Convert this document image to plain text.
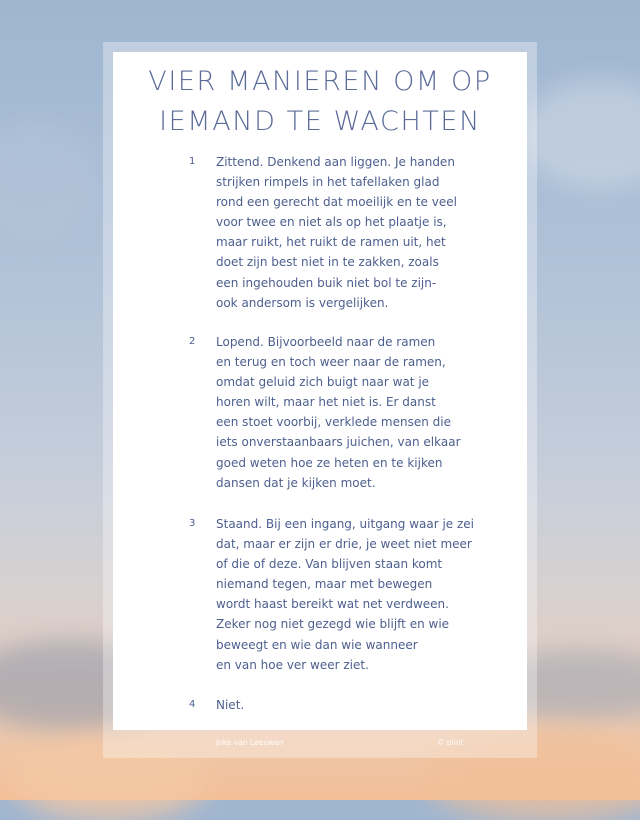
VIER MANIEREN OM OP
IEMAND TE WACHTEN
1	Zittend. Denkend aan liggen. Je handen
strijken rimpels in het tafellaken glad
rond een gerecht dat moeilijk en te veel
voor twee en niet als op het plaatje is,
maar ruikt, het ruikt de ramen uit, het
doet zijn best niet in te zakken, zoals
een ingehouden buik niet bol te zijn-
ook andersom is vergelijken.
2	Lopend. Bijvoorbeeld naar de ramen
en terug en toch weer naar de ramen,
omdat geluid zich buigt naar wat je
horen wilt, maar het niet is. Er danst
een stoet voorbij, verklede mensen die
iets onverstaanbaars juichen, van elkaar
goed weten hoe ze heten en te kijken
dansen dat je kijken moet.
3	Staand. Bij een ingang, uitgang waar je zei
dat, maar er zijn er drie, je weet niet meer
of die of deze. Van blijven staan komt
niemand tegen, maar met bewegen
wordt haast bereikt wat net verdween.
Zeker nog niet gezegd wie blijft en wie
beweegt en wie dan wie wanneer
en van hoe ver weer ziet.
4	Niet.
Joke van Leeuwen	© plint
